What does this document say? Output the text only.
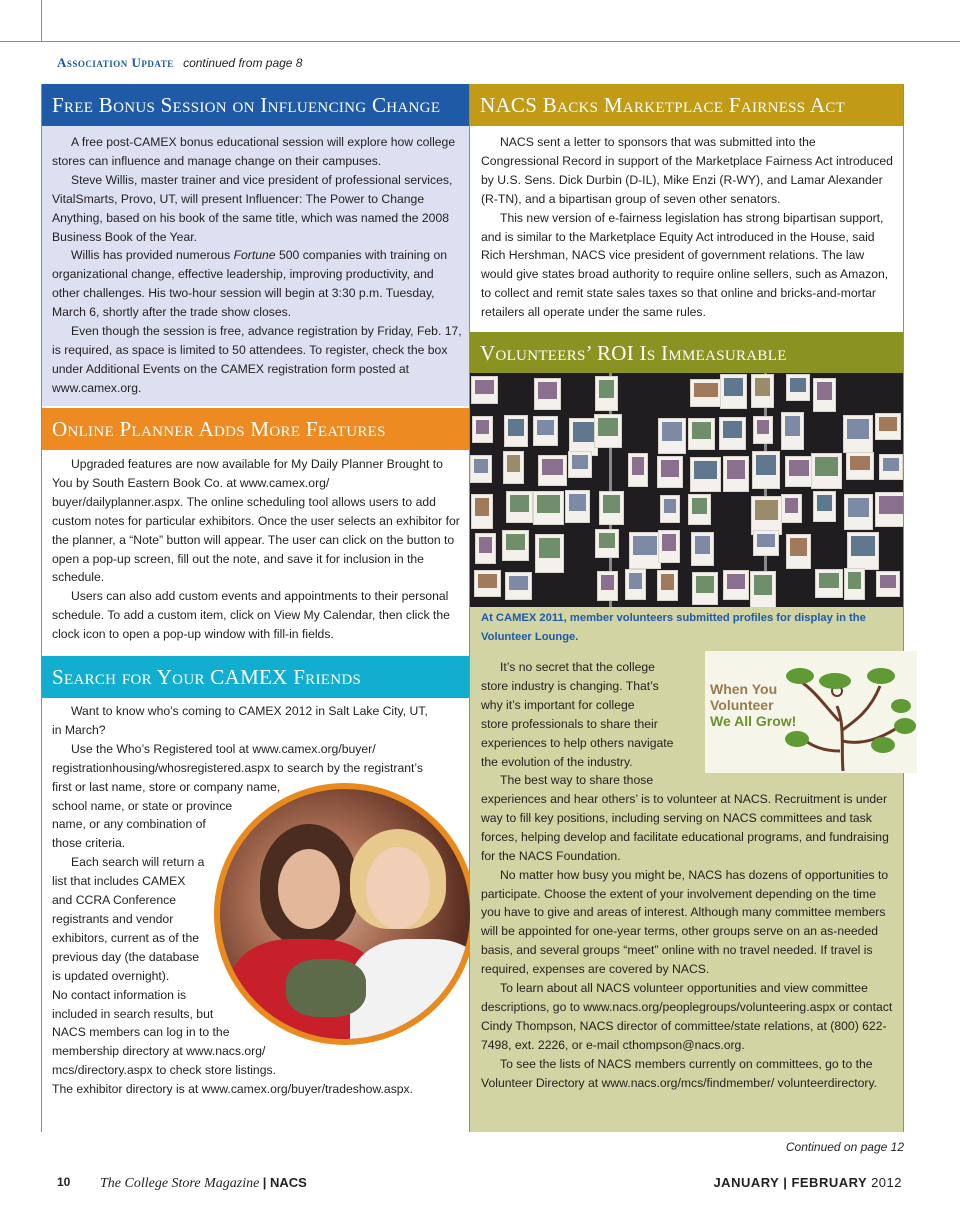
Association Update continued from page 8
Free Bonus Session on Influencing Change

A free post-CAMEX bonus educational session will explore how college stores can influence and manage change on their campuses.

Steve Willis, master trainer and vice president of professional services, VitalSmarts, Provo, UT, will present Influencer: The Power to Change Anything, based on his book of the same title, which was named the 2008 Business Book of the Year.

Willis has provided numerous Fortune 500 companies with training on organizational change, effective leadership, improving productivity, and other challenges. His two-hour session will begin at 3:30 p.m. Tuesday, March 6, shortly after the trade show closes.

Even though the session is free, advance registration by Friday, Feb. 17, is required, as space is limited to 50 attendees. To register, check the box under Additional Events on the CAMEX registration form posted at www.camex.org.

Online Planner Adds More Features

Upgraded features are now available for My Daily Planner Brought to You by South Eastern Book Co. at www.camex.org/ buyer/dailyplanner.aspx. The online scheduling tool allows users to add custom notes for particular exhibitors. Once the user selects an exhibitor for the planner, a “Note” button will appear. The user can click on the button to open a pop-up screen, fill out the note, and save it for inclusion in the schedule.

Users can also add custom events and appointments to their personal schedule. To add a custom item, click on View My Calendar, then click the clock icon to open a pop-up window with fill-in fields.

Search for Your CAMEX Friends
Want to know who’s coming to CAMEX 2012 in Salt Lake City, UT,
in March?
Use the Who’s Registered tool at www.camex.org/buyer/
registrationhousing/whosregistered.aspx to search by the registrant’s
first or last name, store or company name,
school name, or state or province
name, or any combination of
those criteria.
Each search will return a
list that includes CAMEX
and CCRA Conference
registrants and vendor
exhibitors, current as of the
previous day (the database
is updated overnight).
No contact information is
included in search results, but
NACS members can log in to the
membership directory at www.nacs.org/
mcs/directory.aspx to check store listings.
The exhibitor directory is at www.camex.org/buyer/tradeshow.aspx.
NACS Backs Marketplace Fairness Act

NACS sent a letter to sponsors that was submitted into the Congressional Record in support of the Marketplace Fairness Act introduced by U.S. Sens. Dick Durbin (D-IL), Mike Enzi (R-WY), and Lamar Alexander (R-TN), and a bipartisan group of seven other senators.

This new version of e-fairness legislation has strong bipartisan support, and is similar to the Marketplace Equity Act introduced in the House, said Rich Hershman, NACS vice president of government relations. The law would give states broad authority to require online sellers, such as Amazon, to collect and remit state sales taxes so that online and bricks-and-mortar retailers all operate under the same rules.

Volunteers’ ROI Is Immeasurable
At CAMEX 2011, member volunteers submitted profiles for display in the Volunteer Lounge.
When You
Volunteer
We All Grow!
It’s no secret that the college
store industry is changing. That’s
why it’s important for college
store professionals to share their
experiences to help others navigate
the evolution of the industry.
The best way to share those

experiences and hear others’ is to volunteer at NACS. Recruitment is under way to fill key positions, including serving on NACS committees and task forces, helping develop and facilitate educational programs, and fundraising for the NACS Foundation.

No matter how busy you might be, NACS has dozens of opportunities to participate. Choose the extent of your involvement depending on the time you have to give and areas of interest. Although many committee members will be appointed for one-year terms, other groups serve on an as-needed basis, and several groups “meet” online with no travel needed. If travel is required, expenses are covered by NACS.

To learn about all NACS volunteer opportunities and view committee descriptions, go to www.nacs.org/peoplegroups/volunteering.aspx or contact Cindy Thompson, NACS director of committee/state relations, at (800) 622-7498, ext. 2226, or e-mail cthompson@nacs.org.

To see the lists of NACS members currently on committees, go to the Volunteer Directory at www.nacs.org/mcs/findmember/ volunteerdirectory.

Continued on page 12
10 The College Store Magazine | NACS	JANUARY | FEBRUARY 2012
